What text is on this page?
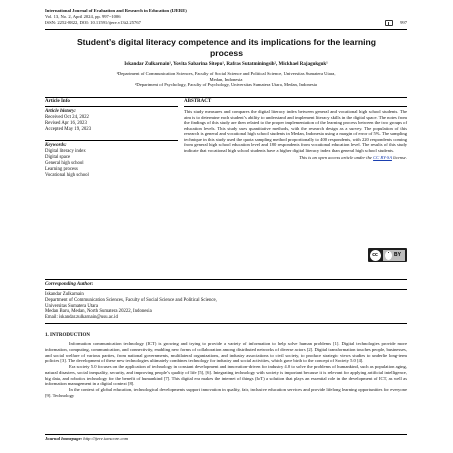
International Journal of Evaluation and Research in Education (IJERE)
Vol. 13, No. 2, April 2024, pp. 997~1006
ISSN: 2252-8822, DOI: 10.11591/ijere.v13i2.25767	997
Student’s digital literacy competence and its implications for the learning process
Iskandar Zulkarnain¹, Yovita Sabarina Sitepu¹, Rafras Sutatminingsih², Mickhael Rajagukguk¹
¹Department of Communication Sciences, Faculty of Social Science and Political Science, Universitas Sumatera Utara,
Medan, Indonesia
²Department of Psychology, Faculty of Psychology, Universitas Sumatera Utara, Medan, Indonesia
Article Info
Article history:
Received Oct 24, 2022
Revised Apr 16, 2023
Accepted May 19, 2023
Keywords:
Digital literacy index
Digital space
General high school
Learning process
Vocational high school
ABSTRACT
This study measures and compares the digital literacy index between general and vocational high school students. The aim is to determine each student’s ability to understand and implement literacy skills in the digital space. The notes from the findings of this study are then related to the proper implementation of the learning process between the two groups of education levels. This study uses quantitative methods, with the research design as a survey. The population of this research is general and vocational high school students in Medan, Indonesia using a margin of error of 5%. The sampling technique in this study used the quota sampling method proportionally to 400 respondents, with 220 respondents coming from general high school education level and 180 respondents from vocational education level. The results of this study indicate that vocational high school students have a higher digital literacy index than general high school students.
This is an open access article under the CC BY-SA license.
cc	BY
Corresponding Author:
Iskandar Zulkarnain
Department of Communication Sciences, Faculty of Social Science and Political Science,
Universitas Sumatera Utara
Medan Baru, Medan, North Sumatera 20222, Indonesia
Email: iskandar.zulkarnain@usu.ac.id
1. INTRODUCTION

Information communication technology (ICT) is growing and trying to provide a variety of information to help solve human problems [1]. Digital technologies provide more information, computing, communication, and connectivity, enabling new forms of collaboration among distributed networks of diverse actors [2]. Digital transformation touches people, businesses, and social welfare of various parties, from national governments, multilateral organizations, and industry associations to civil society, to produce strategic views studies to underlie long-term policies [3]. The development of these new technologies ultimately combines technology for industry and social activities, which gave birth to the concept of Society 5.0 [4].

Era society 5.0 focuses on the application of technology in constant development and innovation-driven for industry 4.0 to solve the problems of humankind, such as population aging, natural disasters, social inequality, security, and improving people’s quality of life [5], [6]. Integrating technology with society is important because it is relevant for applying artificial intelligence, big data, and robotics technology for the benefit of humankind [7]. This digital era makes the internet of things (IoT) a solution that plays an essential role in the development of ICT, as well as information management in a digital context [8].

In the context of global education, technological developments support innovation in quality, fair, inclusive education services and provide lifelong learning opportunities for everyone [9]. Technology

Journal homepage: http://ijere.iaescore.com
